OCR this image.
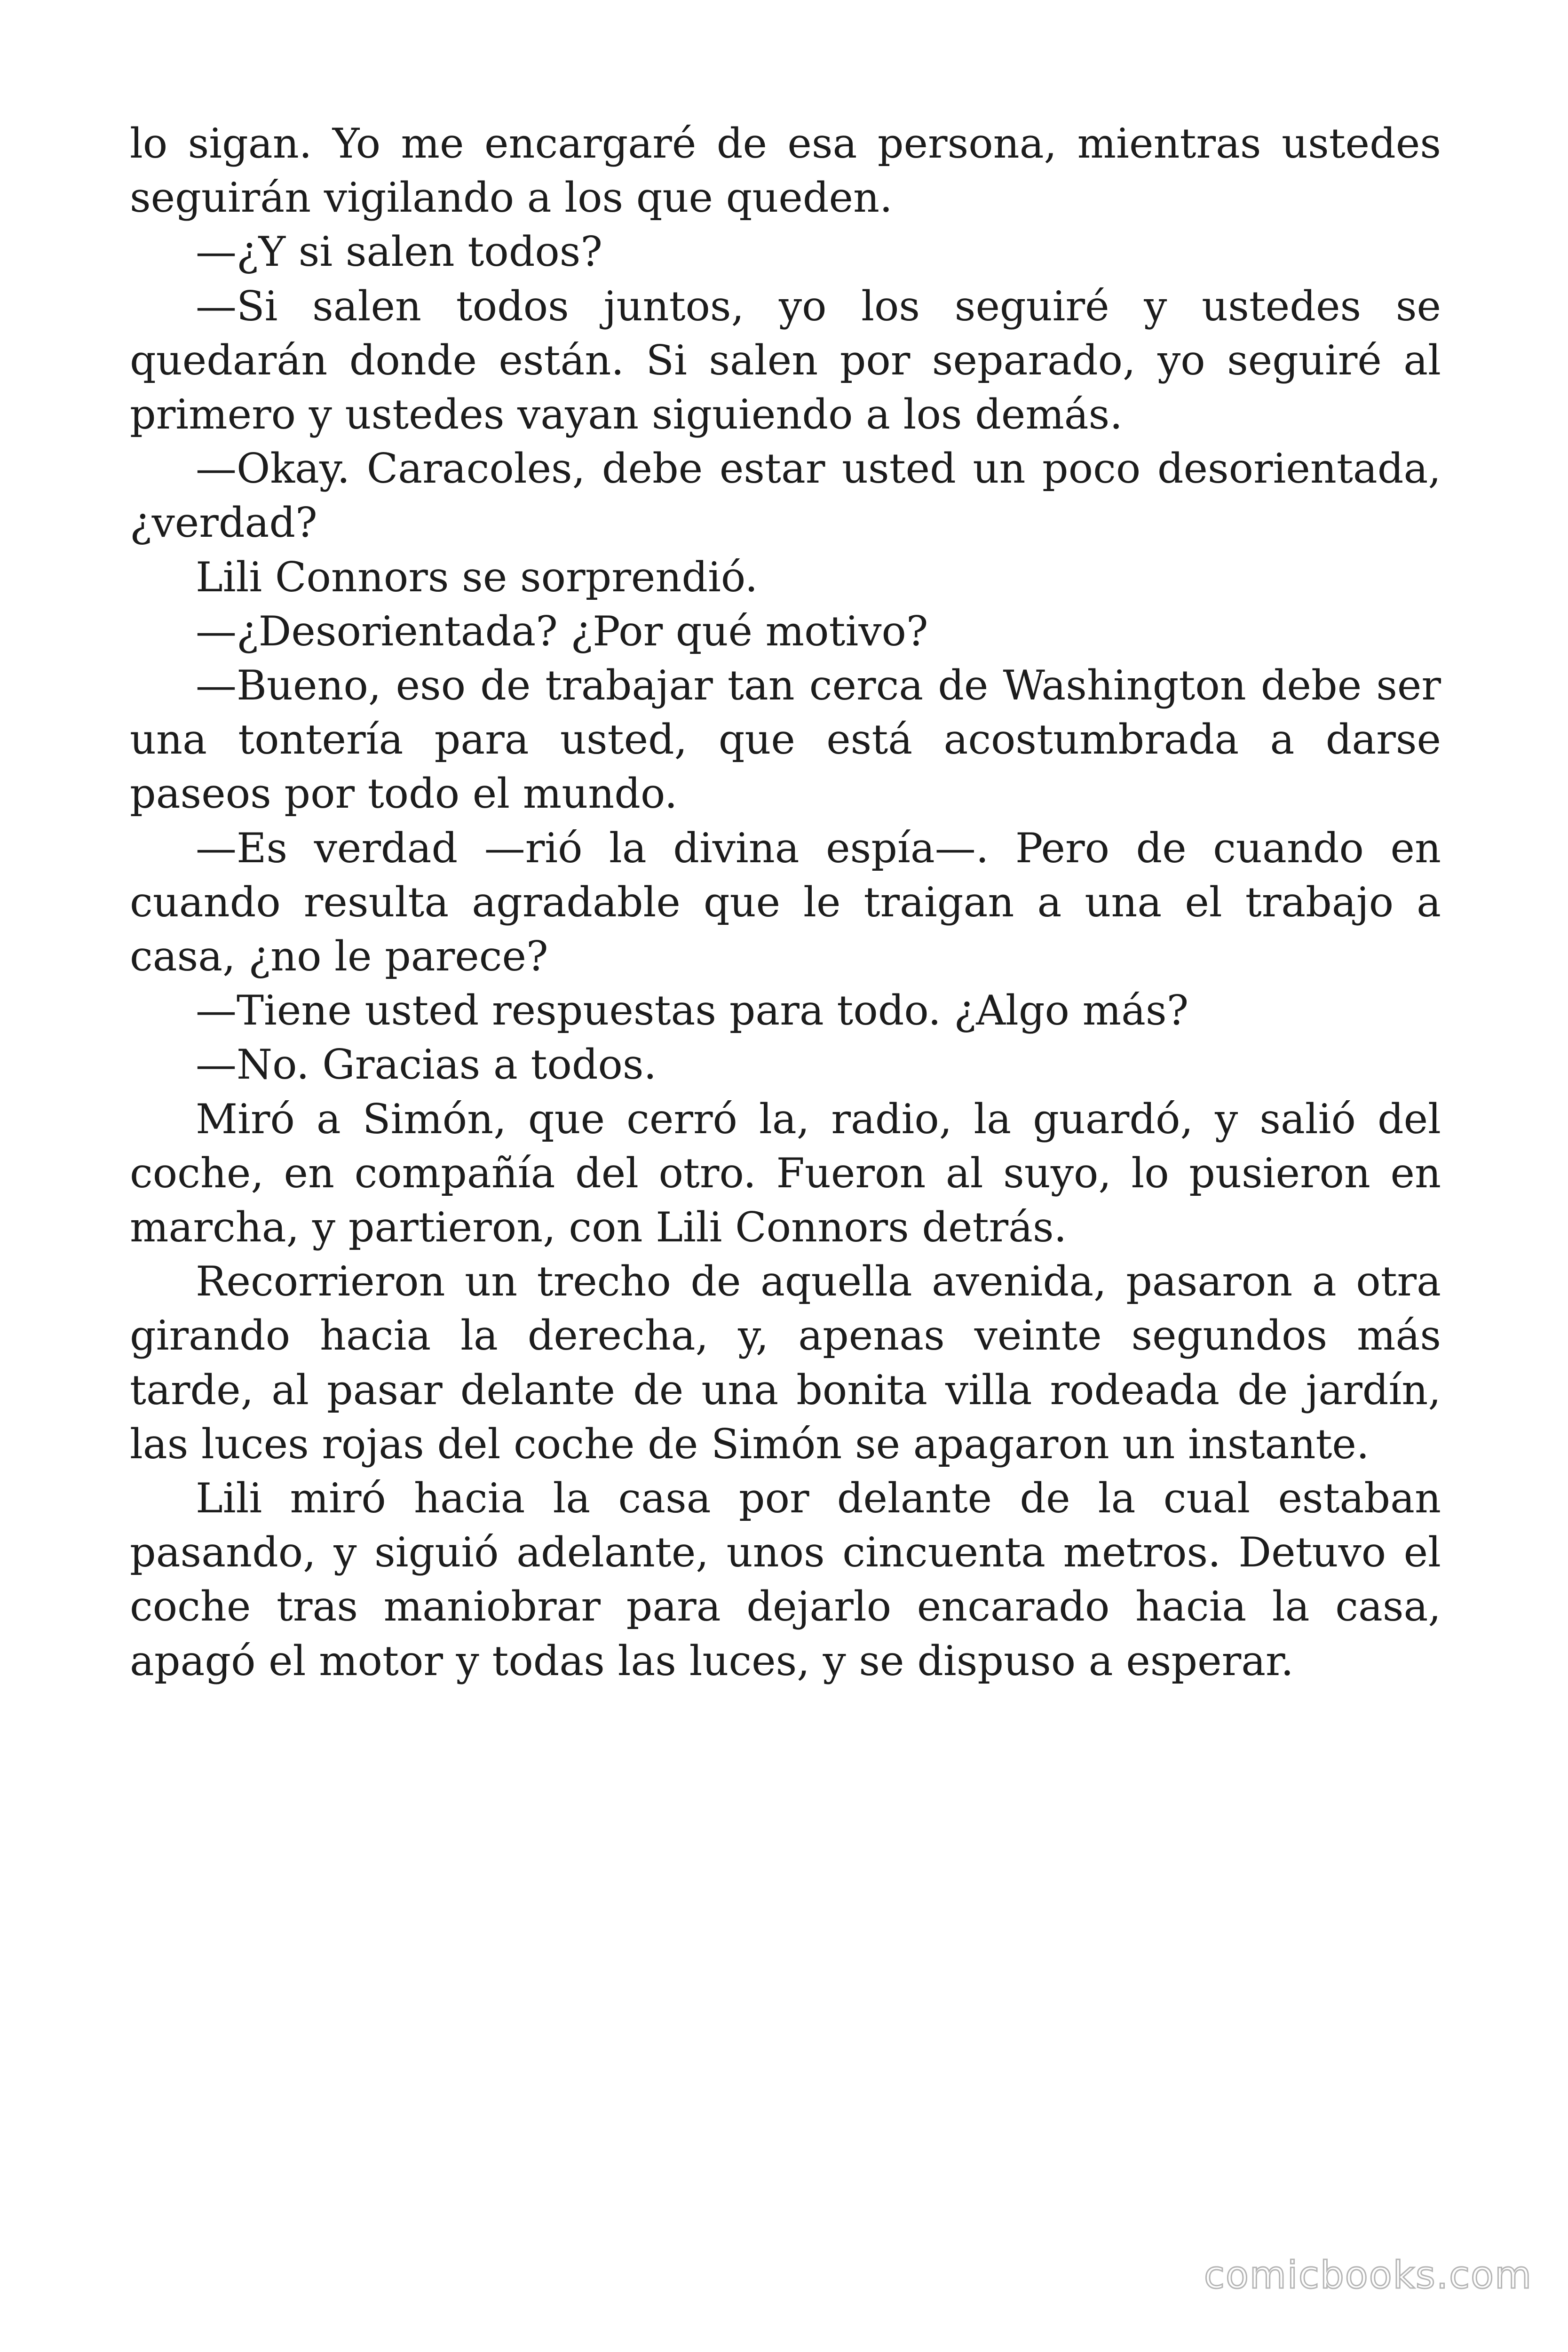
lo sigan. Yo me encargaré de esa persona, mientras ustedes seguirán vigilando a los que queden.

—¿Y si salen todos?

—Si salen todos juntos, yo los seguiré y ustedes se quedarán donde están. Si salen por separado, yo seguiré al primero y ustedes vayan siguiendo a los demás.

—Okay. Caracoles, debe estar usted un poco desorientada, ¿verdad?

Lili Connors se sorprendió.

—¿Desorientada? ¿Por qué motivo?

—Bueno, eso de trabajar tan cerca de Washington debe ser una tontería para usted, que está acostumbrada a darse paseos por todo el mundo.

—Es verdad —rió la divina espía—. Pero de cuando en cuando resulta agradable que le traigan a una el trabajo a casa, ¿no le parece?

—Tiene usted respuestas para todo. ¿Algo más?

—No. Gracias a todos.

Miró a Simón, que cerró la, radio, la guardó, y salió del coche, en compañía del otro. Fueron al suyo, lo pusieron en marcha, y partieron, con Lili Connors detrás.

Recorrieron un trecho de aquella avenida, pasaron a otra girando hacia la derecha, y, apenas veinte segundos más tarde, al pasar delante de una bonita villa rodeada de jardín, las luces rojas del coche de Simón se apagaron un instante.

Lili miró hacia la casa por delante de la cual estaban pasando, y siguió adelante, unos cincuenta metros. Detuvo el coche tras maniobrar para dejarlo encarado hacia la casa, apagó el motor y todas las luces, y se dispuso a esperar.

comicbooks.com
